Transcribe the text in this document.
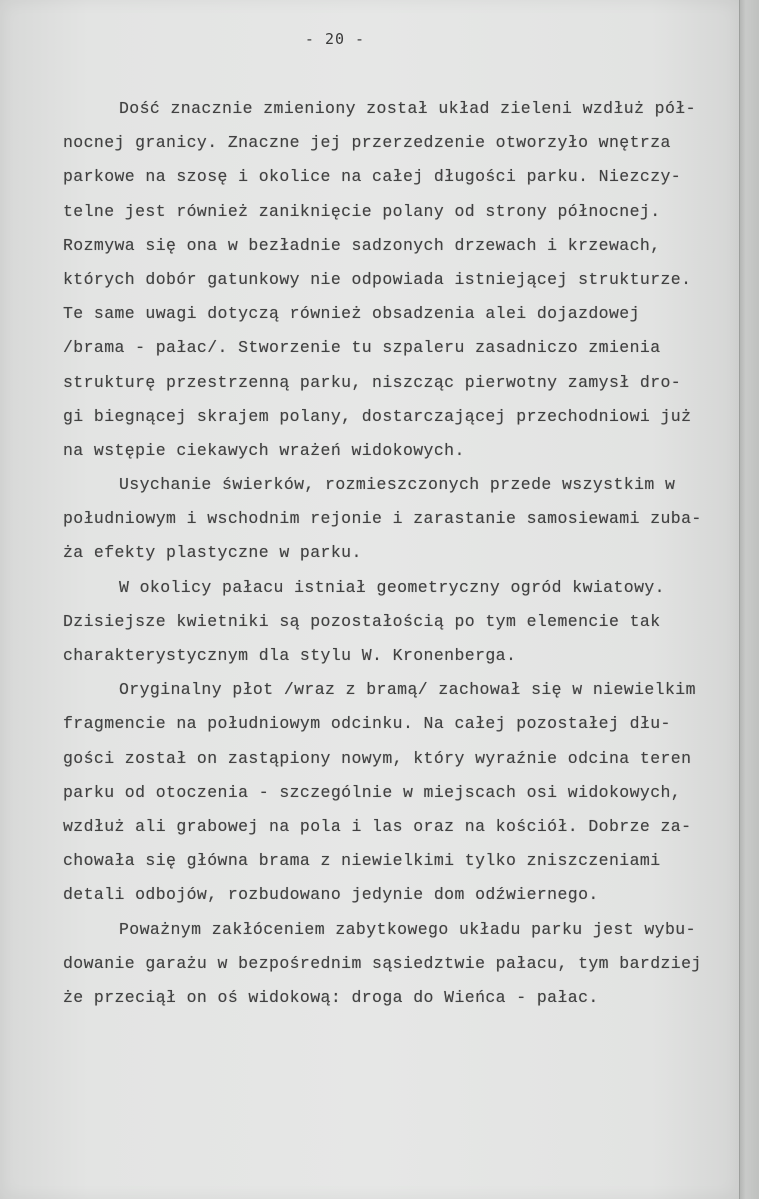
- 20 -
Dość znacznie zmieniony został układ zieleni wzdłuż pół-
nocnej granicy. Znaczne jej przerzedzenie otworzyło wnętrza
parkowe na szosę i okolice na całej długości parku. Niezczy-
telne jest również zaniknięcie polany od strony północnej.
Rozmywa się ona w bezładnie sadzonych drzewach i krzewach,
których dobór gatunkowy nie odpowiada istniejącej strukturze.
Te same uwagi dotyczą również obsadzenia alei dojazdowej
/brama - pałac/. Stworzenie tu szpaleru zasadniczo zmienia
strukturę przestrzenną parku, niszcząc pierwotny zamysł dro-
gi biegnącej skrajem polany, dostarczającej przechodniowi już
na wstępie ciekawych wrażeń widokowych.
Usychanie świerków, rozmieszczonych przede wszystkim w
południowym i wschodnim rejonie i zarastanie samosiewami zuba-
ża efekty plastyczne w parku.
W okolicy pałacu istniał geometryczny ogród kwiatowy.
Dzisiejsze kwietniki są pozostałością po tym elemencie tak
charakterystycznym dla stylu W. Kronenberga.
Oryginalny płot /wraz z bramą/ zachował się w niewielkim
fragmencie na południowym odcinku. Na całej pozostałej dłu-
gości został on zastąpiony nowym, który wyraźnie odcina teren
parku od otoczenia - szczególnie w miejscach osi widokowych,
wzdłuż ali grabowej na pola i las oraz na kościół. Dobrze za-
chowała się główna brama z niewielkimi tylko zniszczeniami
detali odbojów, rozbudowano jedynie dom odźwiernego.
Poważnym zakłóceniem zabytkowego układu parku jest wybu-
dowanie garażu w bezpośrednim sąsiedztwie pałacu, tym bardziej
że przeciął on oś widokową: droga do Wieńca - pałac.
